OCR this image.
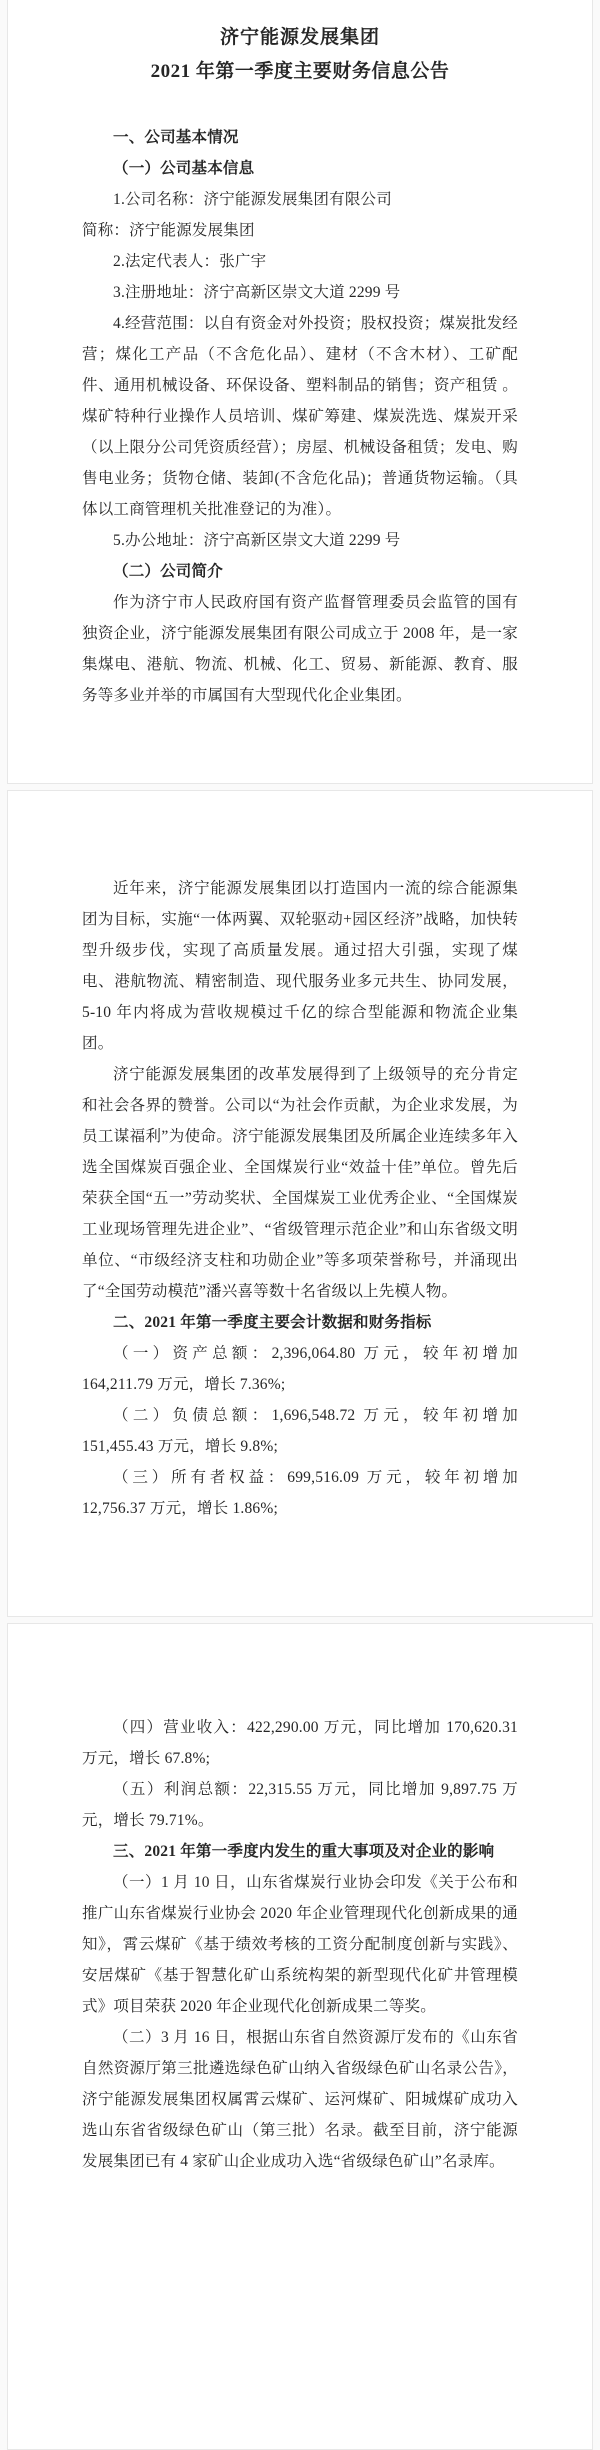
济宁能源发展集团
2021 年第一季度主要财务信息公告

一、公司基本情况

（一）公司基本信息

1.公司名称：济宁能源发展集团有限公司

简称：济宁能源发展集团

2.法定代表人：张广宇

3.注册地址：济宁高新区崇文大道 2299 号

4.经营范围：以自有资金对外投资；股权投资；煤炭批发经营；煤化工产品（不含危化品）、建材（不含木材）、工矿配件、通用机械设备、环保设备、塑料制品的销售；资产租赁 。煤矿特种行业操作人员培训、煤矿筹建、煤炭洗选、煤炭开采（以上限分公司凭资质经营）；房屋、机械设备租赁；发电、购售电业务；货物仓储、装卸(不含危化品)；普通货物运输。（具体以工商管理机关批准登记的为准）。

5.办公地址：济宁高新区崇文大道 2299 号

（二）公司简介

作为济宁市人民政府国有资产监督管理委员会监管的国有独资企业，济宁能源发展集团有限公司成立于 2008 年，是一家集煤电、港航、物流、机械、化工、贸易、新能源、教育、服务等多业并举的市属国有大型现代化企业集团。

近年来，济宁能源发展集团以打造国内一流的综合能源集团为目标，实施“一体两翼、双轮驱动+园区经济”战略，加快转型升级步伐，实现了高质量发展。通过招大引强，实现了煤电、港航物流、精密制造、现代服务业多元共生、协同发展，5-10 年内将成为营收规模过千亿的综合型能源和物流企业集团。

济宁能源发展集团的改革发展得到了上级领导的充分肯定和社会各界的赞誉。公司以“为社会作贡献，为企业求发展，为员工谋福利”为使命。济宁能源发展集团及所属企业连续多年入选全国煤炭百强企业、全国煤炭行业“效益十佳”单位。曾先后荣获全国“五一”劳动奖状、全国煤炭工业优秀企业、“全国煤炭工业现场管理先进企业”、“省级管理示范企业”和山东省级文明单位、“市级经济支柱和功勋企业”等多项荣誉称号，并涌现出了“全国劳动模范”潘兴喜等数十名省级以上先模人物。

二、2021 年第一季度主要会计数据和财务指标

（一）资产总额：2,396,064.80 万元，较年初增加 164,211.79 万元，增长 7.36%;

（二）负债总额：1,696,548.72 万元，较年初增加 151,455.43 万元，增长 9.8%;

（三）所有者权益：699,516.09 万元，较年初增加 12,756.37 万元，增长 1.86%;

（四）营业收入：422,290.00 万元，同比增加 170,620.31 万元，增长 67.8%;

（五）利润总额：22,315.55 万元，同比增加 9,897.75 万元，增长 79.71%。

三、2021 年第一季度内发生的重大事项及对企业的影响

（一）1 月 10 日，山东省煤炭行业协会印发《关于公布和推广山东省煤炭行业协会 2020 年企业管理现代化创新成果的通知》，霄云煤矿《基于绩效考核的工资分配制度创新与实践》、安居煤矿《基于智慧化矿山系统构架的新型现代化矿井管理模式》项目荣获 2020 年企业现代化创新成果二等奖。

（二）3 月 16 日，根据山东省自然资源厅发布的《山东省自然资源厅第三批遴选绿色矿山纳入省级绿色矿山名录公告》，济宁能源发展集团权属霄云煤矿、运河煤矿、阳城煤矿成功入选山东省省级绿色矿山（第三批）名录。截至目前，济宁能源发展集团已有 4 家矿山企业成功入选“省级绿色矿山”名录库。
